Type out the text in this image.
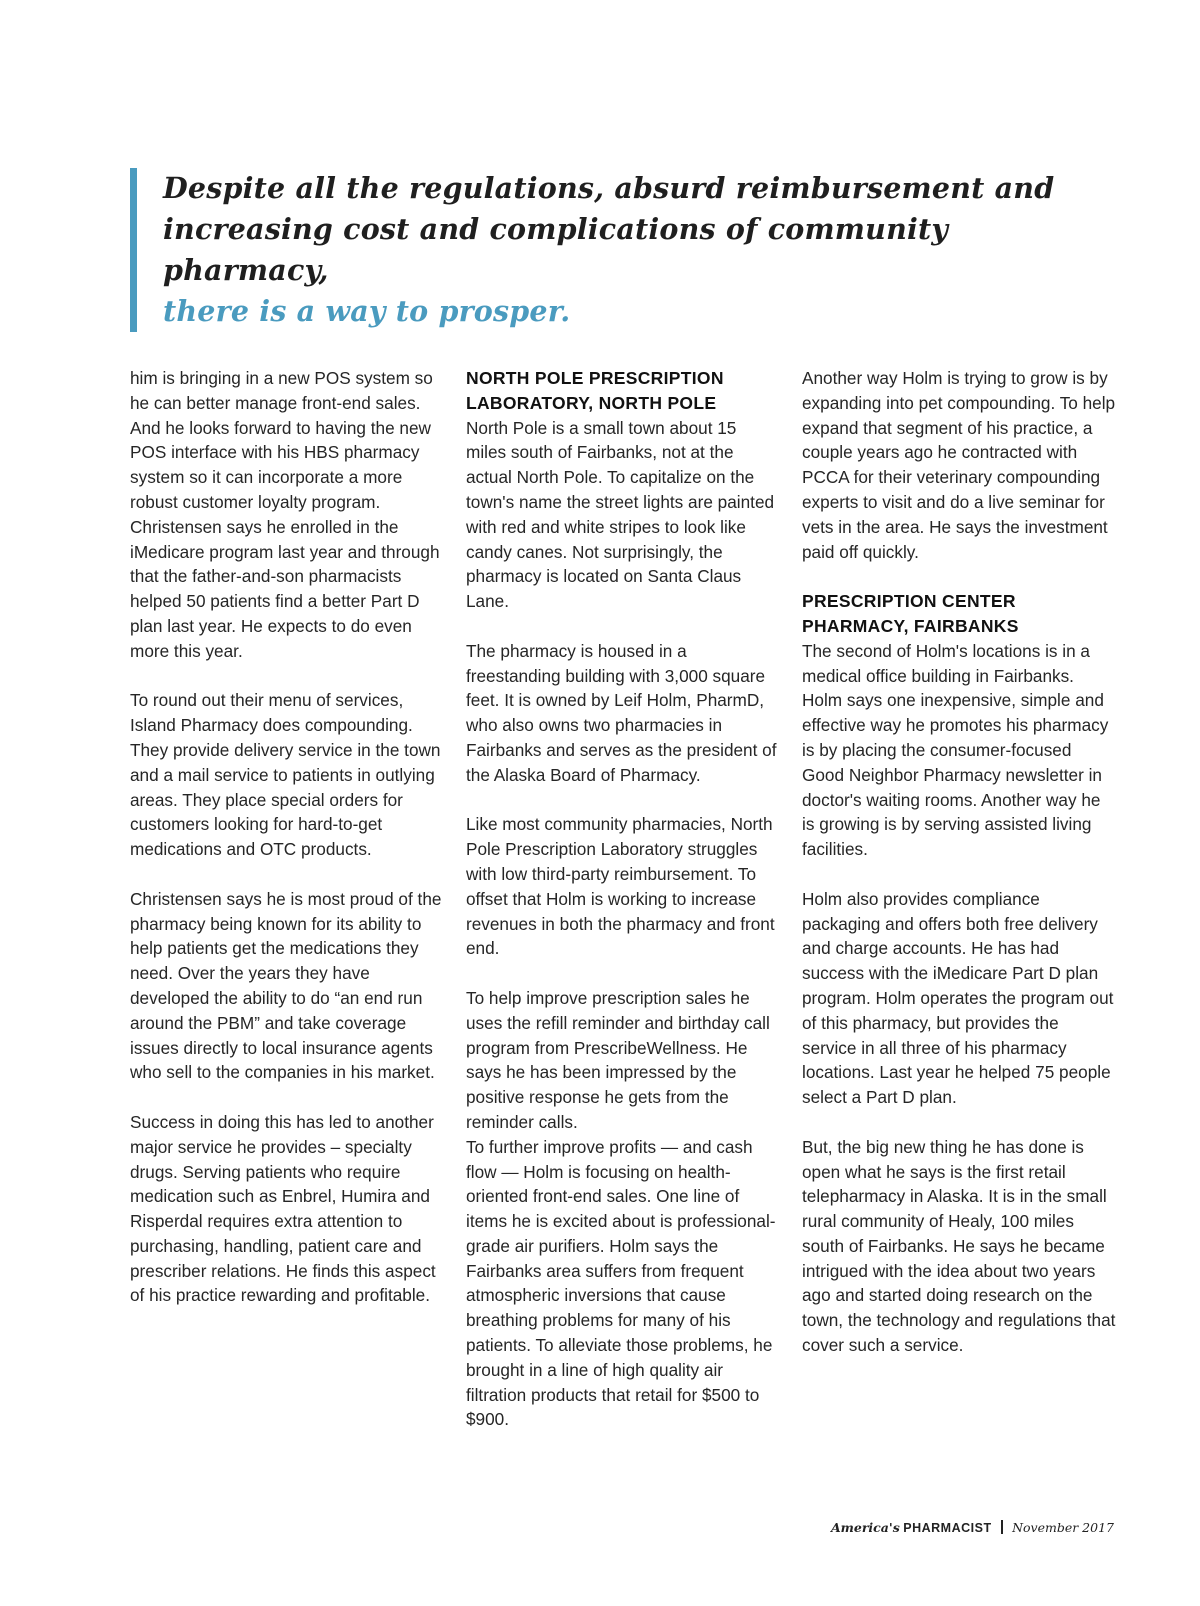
Despite all the regulations, absurd reimbursement and

increasing cost and complications of community pharmacy,

there is a way to prosper.

him is bringing in a new POS system so he can better manage front-end sales. And he looks forward to having the new POS interface with his HBS pharmacy system so it can incorporate a more robust customer loyalty program. Christensen says he enrolled in the iMedicare program last year and through that the father-and-son pharmacists helped 50 patients find a better Part D plan last year. He expects to do even more this year.

To round out their menu of services, Island Pharmacy does compounding. They provide delivery service in the town and a mail service to patients in outlying areas. They place special orders for customers looking for hard-to-get medications and OTC products.

Christensen says he is most proud of the pharmacy being known for its ability to help patients get the medications they need. Over the years they have developed the ability to do “an end run around the PBM” and take coverage issues directly to local insurance agents who sell to the companies in his market.

Success in doing this has led to another major service he provides – specialty drugs. Serving patients who require medication such as Enbrel, Humira and Risperdal requires extra attention to purchasing, handling, patient care and prescriber relations. He finds this aspect of his practice rewarding and profitable.

NORTH POLE PRESCRIPTION LABORATORY, NORTH POLE

North Pole is a small town about 15 miles south of Fairbanks, not at the actual North Pole. To capitalize on the town's name the street lights are painted with red and white stripes to look like candy canes. Not surprisingly, the pharmacy is located on Santa Claus Lane.

The pharmacy is housed in a freestanding building with 3,000 square feet. It is owned by Leif Holm, PharmD, who also owns two pharmacies in Fairbanks and serves as the president of the Alaska Board of Pharmacy.

Like most community pharmacies, North Pole Prescription Laboratory struggles with low third-party reimbursement. To offset that Holm is working to increase revenues in both the pharmacy and front end.

To help improve prescription sales he uses the refill reminder and birthday call program from PrescribeWellness. He says he has been impressed by the positive response he gets from the reminder calls.

To further improve profits — and cash flow — Holm is focusing on health-oriented front-end sales. One line of items he is excited about is professional-grade air purifiers. Holm says the Fairbanks area suffers from frequent atmospheric inversions that cause breathing problems for many of his patients. To alleviate those problems, he brought in a line of high quality air filtration products that retail for $500 to $900.

Another way Holm is trying to grow is by expanding into pet compounding. To help expand that segment of his practice, a couple years ago he contracted with PCCA for their veterinary compounding experts to visit and do a live seminar for vets in the area. He says the investment paid off quickly.

PRESCRIPTION CENTER PHARMACY, FAIRBANKS

The second of Holm's locations is in a medical office building in Fairbanks. Holm says one inexpensive, simple and effective way he promotes his pharmacy is by placing the consumer-focused Good Neighbor Pharmacy newsletter in doctor's waiting rooms. Another way he is growing is by serving assisted living facilities.

Holm also provides compliance packaging and offers both free delivery and charge accounts. He has had success with the iMedicare Part D plan program. Holm operates the program out of this pharmacy, but provides the service in all three of his pharmacy locations. Last year he helped 75 people select a Part D plan.

But, the big new thing he has done is open what he says is the first retail telepharmacy in Alaska. It is in the small rural community of Healy, 100 miles south of Fairbanks. He says he became intrigued with the idea about two years ago and started doing research on the town, the technology and regulations that cover such a service.

America's PHARMACIST November 2017
